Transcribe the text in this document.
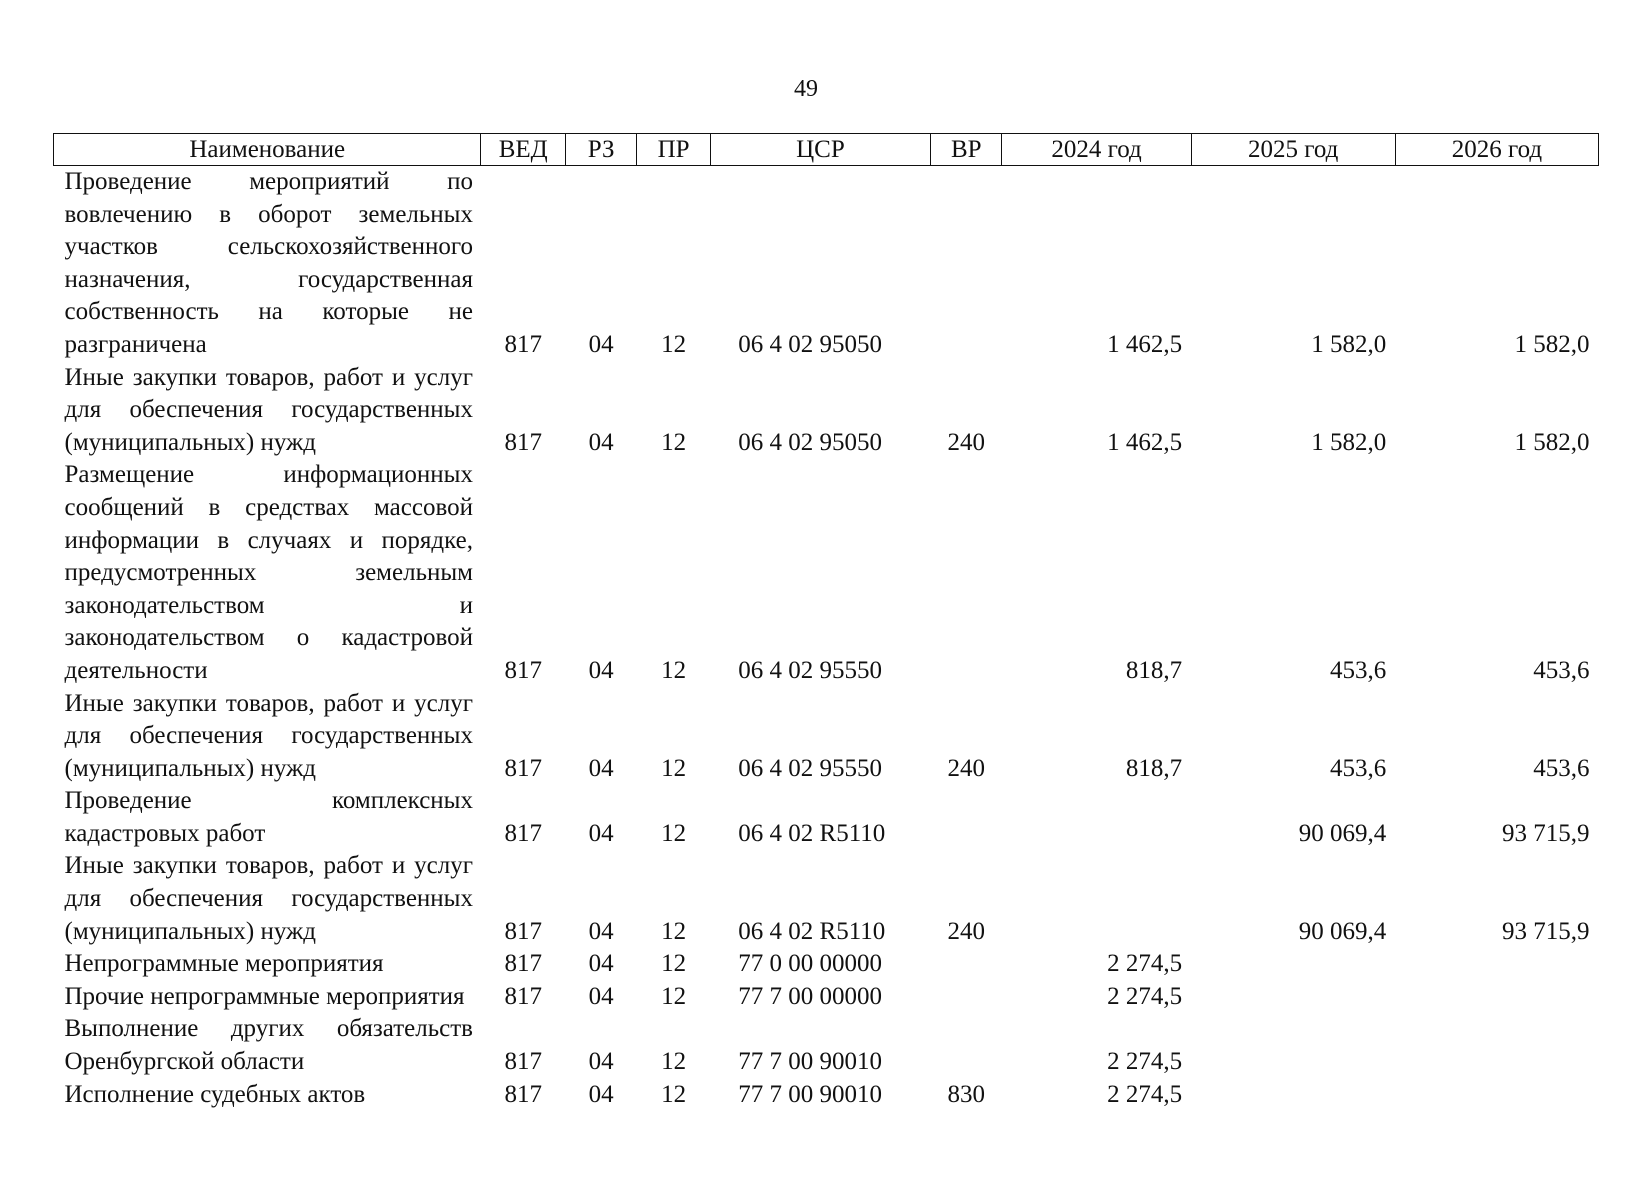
49
Наименование	ВЕД	РЗ	ПР	ЦСР	ВР	2024 год	2025 год	2026 год
Проведение мероприятий по вовлечению в оборот земельных участков сельскохозяйственного назначения, государственная собственность на которые не разграничена	817	04	12	06 4 02 95050		1 462,5	1 582,0	1 582,0
Иные закупки товаров, работ и услуг для обеспечения государственных (муниципальных) нужд	817	04	12	06 4 02 95050	240	1 462,5	1 582,0	1 582,0
Размещение информационных сообщений в средствах массовой информации в случаях и порядке, предусмотренных земельным законодательством и законодательством о кадастровой деятельности	817	04	12	06 4 02 95550		818,7	453,6	453,6
Иные закупки товаров, работ и услуг для обеспечения государственных (муниципальных) нужд	817	04	12	06 4 02 95550	240	818,7	453,6	453,6
Проведение комплексных кадастровых работ	817	04	12	06 4 02 R5110			90 069,4	93 715,9
Иные закупки товаров, работ и услуг для обеспечения государственных (муниципальных) нужд	817	04	12	06 4 02 R5110	240		90 069,4	93 715,9
Непрограммные мероприятия	817	04	12	77 0 00 00000		2 274,5		
Прочие непрограммные мероприятия	817	04	12	77 7 00 00000		2 274,5		
Выполнение других обязательств Оренбургской области	817	04	12	77 7 00 90010		2 274,5		
Исполнение судебных актов	817	04	12	77 7 00 90010	830	2 274,5		
